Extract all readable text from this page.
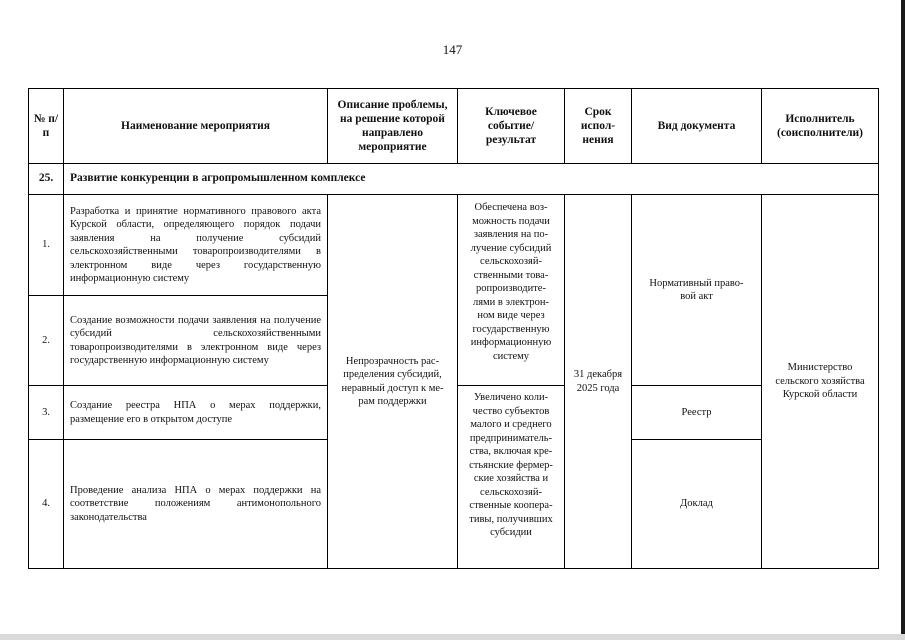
147
№ п/п
Наименование мероприятия
Описание проблемы, на решение которой направлено мероприятие
Ключевое событие/ результат
Срок испол- нения
Вид документа
Исполнитель (соисполнители)
25.	Развитие конкуренции в агропромышленном комплексе
1.
2.
3.
4.
Разработка и принятие нормативного правового акта Курской области, определяющего порядок подачи заявления на получение субсидий сельскохозяйственными товаропроизводителями в электронном виде через государственную информационную систему
Создание возможности подачи заявления на получение субсидий сельскохозяйственными товаропроизводителями в электронном виде через государственную информационную систему
Создание реестра НПА о мерах поддержки, размещение его в открытом доступе
Проведение анализа НПА о мерах поддержки на соответствие положениям антимонопольного законодательства
Непрозрачность рас- пределения субсидий, неравный доступ к ме- рам поддержки
Обеспечена воз- можность подачи заявления на по- лучение субсидий сельскохозяй- ственными това- ропроизводите- лями в электрон- ном виде через государственную информационную систему
Увеличено коли- чество субъектов малого и среднего предприниматель- ства, включая кре- стьянские фермер- ские хозяйства и сельскохозяй- ственные коопера- тивы, получивших субсидии
31 декабря 2025 года
Нормативный право- вой акт
Реестр
Доклад
Министерство сельского хозяйства Курской области
